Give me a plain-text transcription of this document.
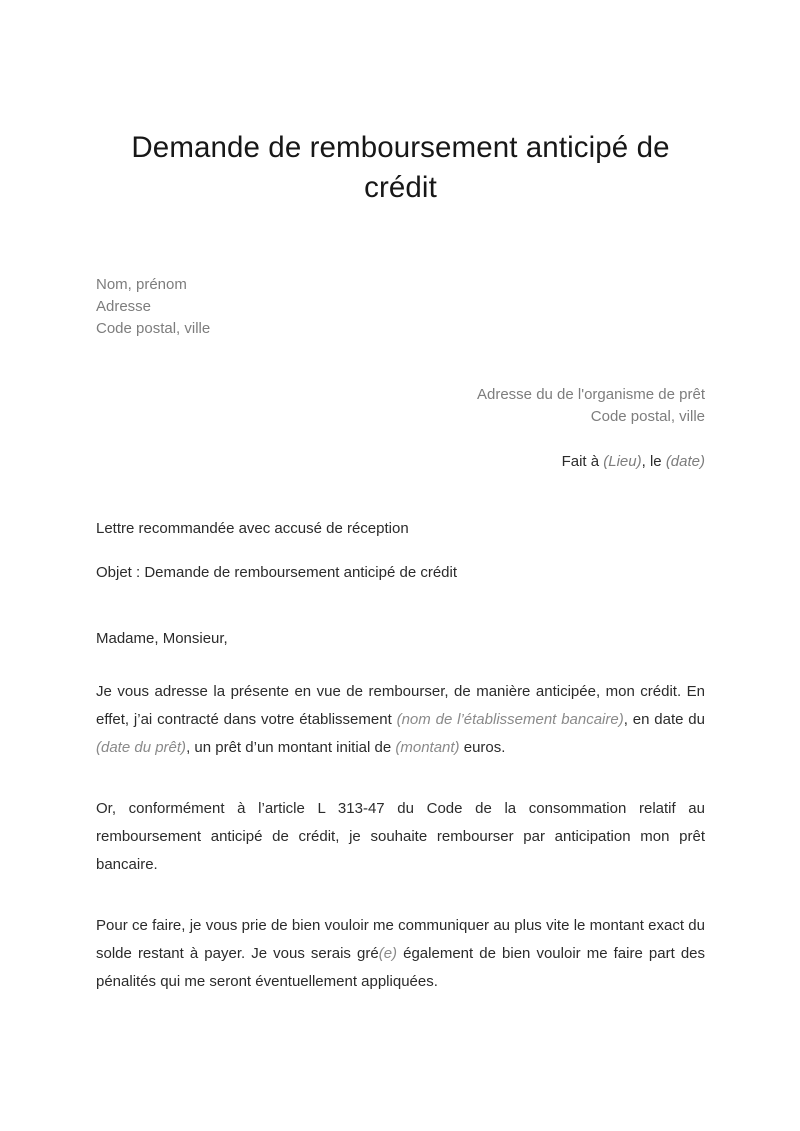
Demande de remboursement anticipé de crédit
Nom, prénom
Adresse
Code postal, ville
Adresse du de l'organisme de prêt
Code postal, ville

Fait à (Lieu), le (date)

Lettre recommandée avec accusé de réception

Objet : Demande de remboursement anticipé de crédit

Madame, Monsieur,

Je vous adresse la présente en vue de rembourser, de manière anticipée, mon crédit. En effet, j’ai contracté dans votre établissement (nom de l’établissement bancaire), en date du (date du prêt), un prêt d’un montant initial de (montant) euros.

Or, conformément à l’article L 313-47 du Code de la consommation relatif au remboursement anticipé de crédit, je souhaite rembourser par anticipation mon prêt bancaire.

Pour ce faire, je vous prie de bien vouloir me communiquer au plus vite le montant exact du solde restant à payer. Je vous serais gré(e) également de bien vouloir me faire part des pénalités qui me seront éventuellement appliquées.
